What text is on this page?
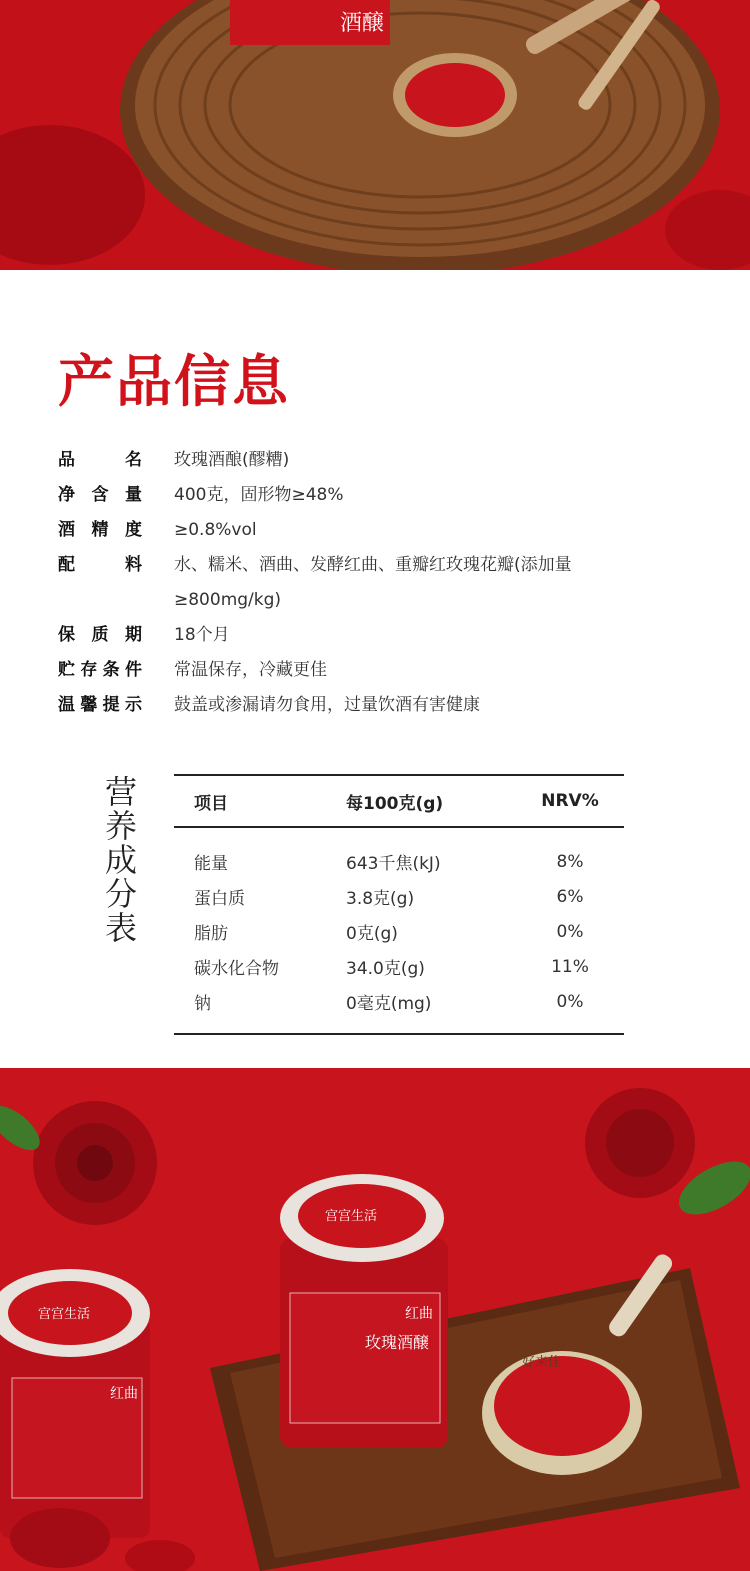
酒醸
产品信息
品名 玫瑰酒酿(醪糟)
净含量 400克，固形物≥48%
酒精度 ≥0.8%vol
配料 水、糯米、酒曲、发酵红曲、重瓣红玫瑰花瓣(添加量≥800mg/kg)
保质期 18个月
贮存条件 常温保存，冷藏更佳
温馨提示 鼓盖或渗漏请勿食用，过量饮酒有害健康
营养成分表
项目	每100克(g)	NRV%
能量	643千焦(kJ)	8%
蛋白质	3.8克(g)	6%
脂肪	0克(g)	0%
碳水化合物	34.0克(g)	11%
钠	0毫克(mg)	0%
好来佳
宫宫生活
红曲
宫宫生活
红曲
玫瑰酒醸
